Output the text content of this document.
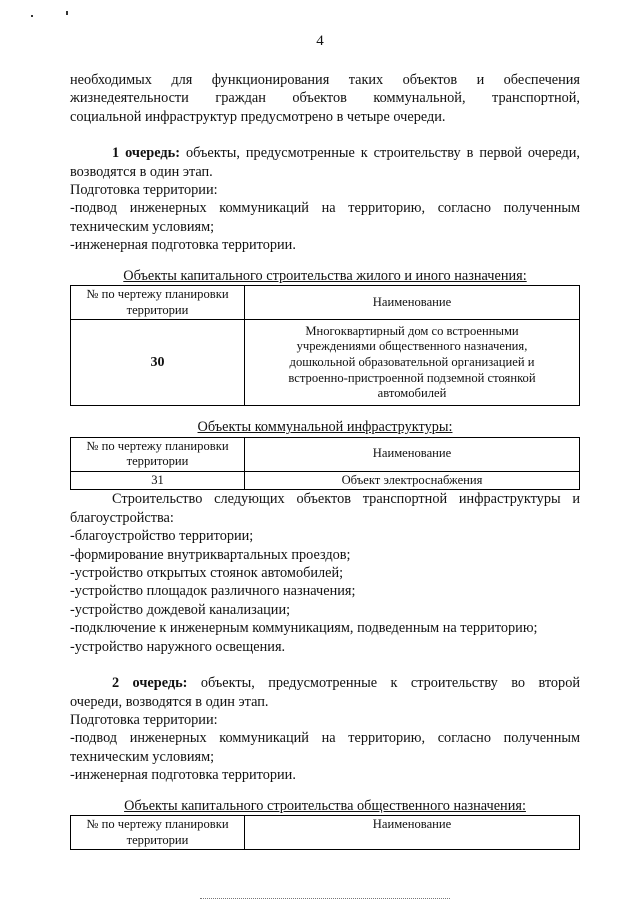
4

необходимых для функционирования таких объектов и обеспечения

жизнедеятельности граждан объектов коммунальной, транспортной,

социальной инфраструктур предусмотрено в четыре очереди.

1 очередь: объекты, предусмотренные к строительству в первой очереди,

возводятся в один этап.

Подготовка территории:

-подвод инженерных коммуникаций на территорию, согласно полученным

техническим условиям;

-инженерная подготовка территории.

Объекты капитального строительства жилого и иного назначения:

№ по чертежу планировки
территории	Наименование
30	Многоквартирный дом со встроенными
учреждениями общественного назначения,
дошкольной образовательной организацией и
встроенно-пристроенной подземной стоянкой
автомобилей

Объекты коммунальной инфраструктуры:

№ по чертежу планировки
территории	Наименование
31	Объект электроснабжения

Строительство следующих объектов транспортной инфраструктуры и

благоустройства:

-благоустройство территории;

-формирование внутриквартальных проездов;

-устройство открытых стоянок автомобилей;

-устройство площадок различного назначения;

-устройство дождевой канализации;

-подключение к инженерным коммуникациям, подведенным на территорию;

-устройство наружного освещения.

2 очередь: объекты, предусмотренные к строительству во второй

очереди, возводятся в один этап.

Подготовка территории:

-подвод инженерных коммуникаций на территорию, согласно полученным

техническим условиям;

-инженерная подготовка территории.

Объекты капитального строительства общественного назначения:

№ по чертежу планировки
территории
	Наименование
